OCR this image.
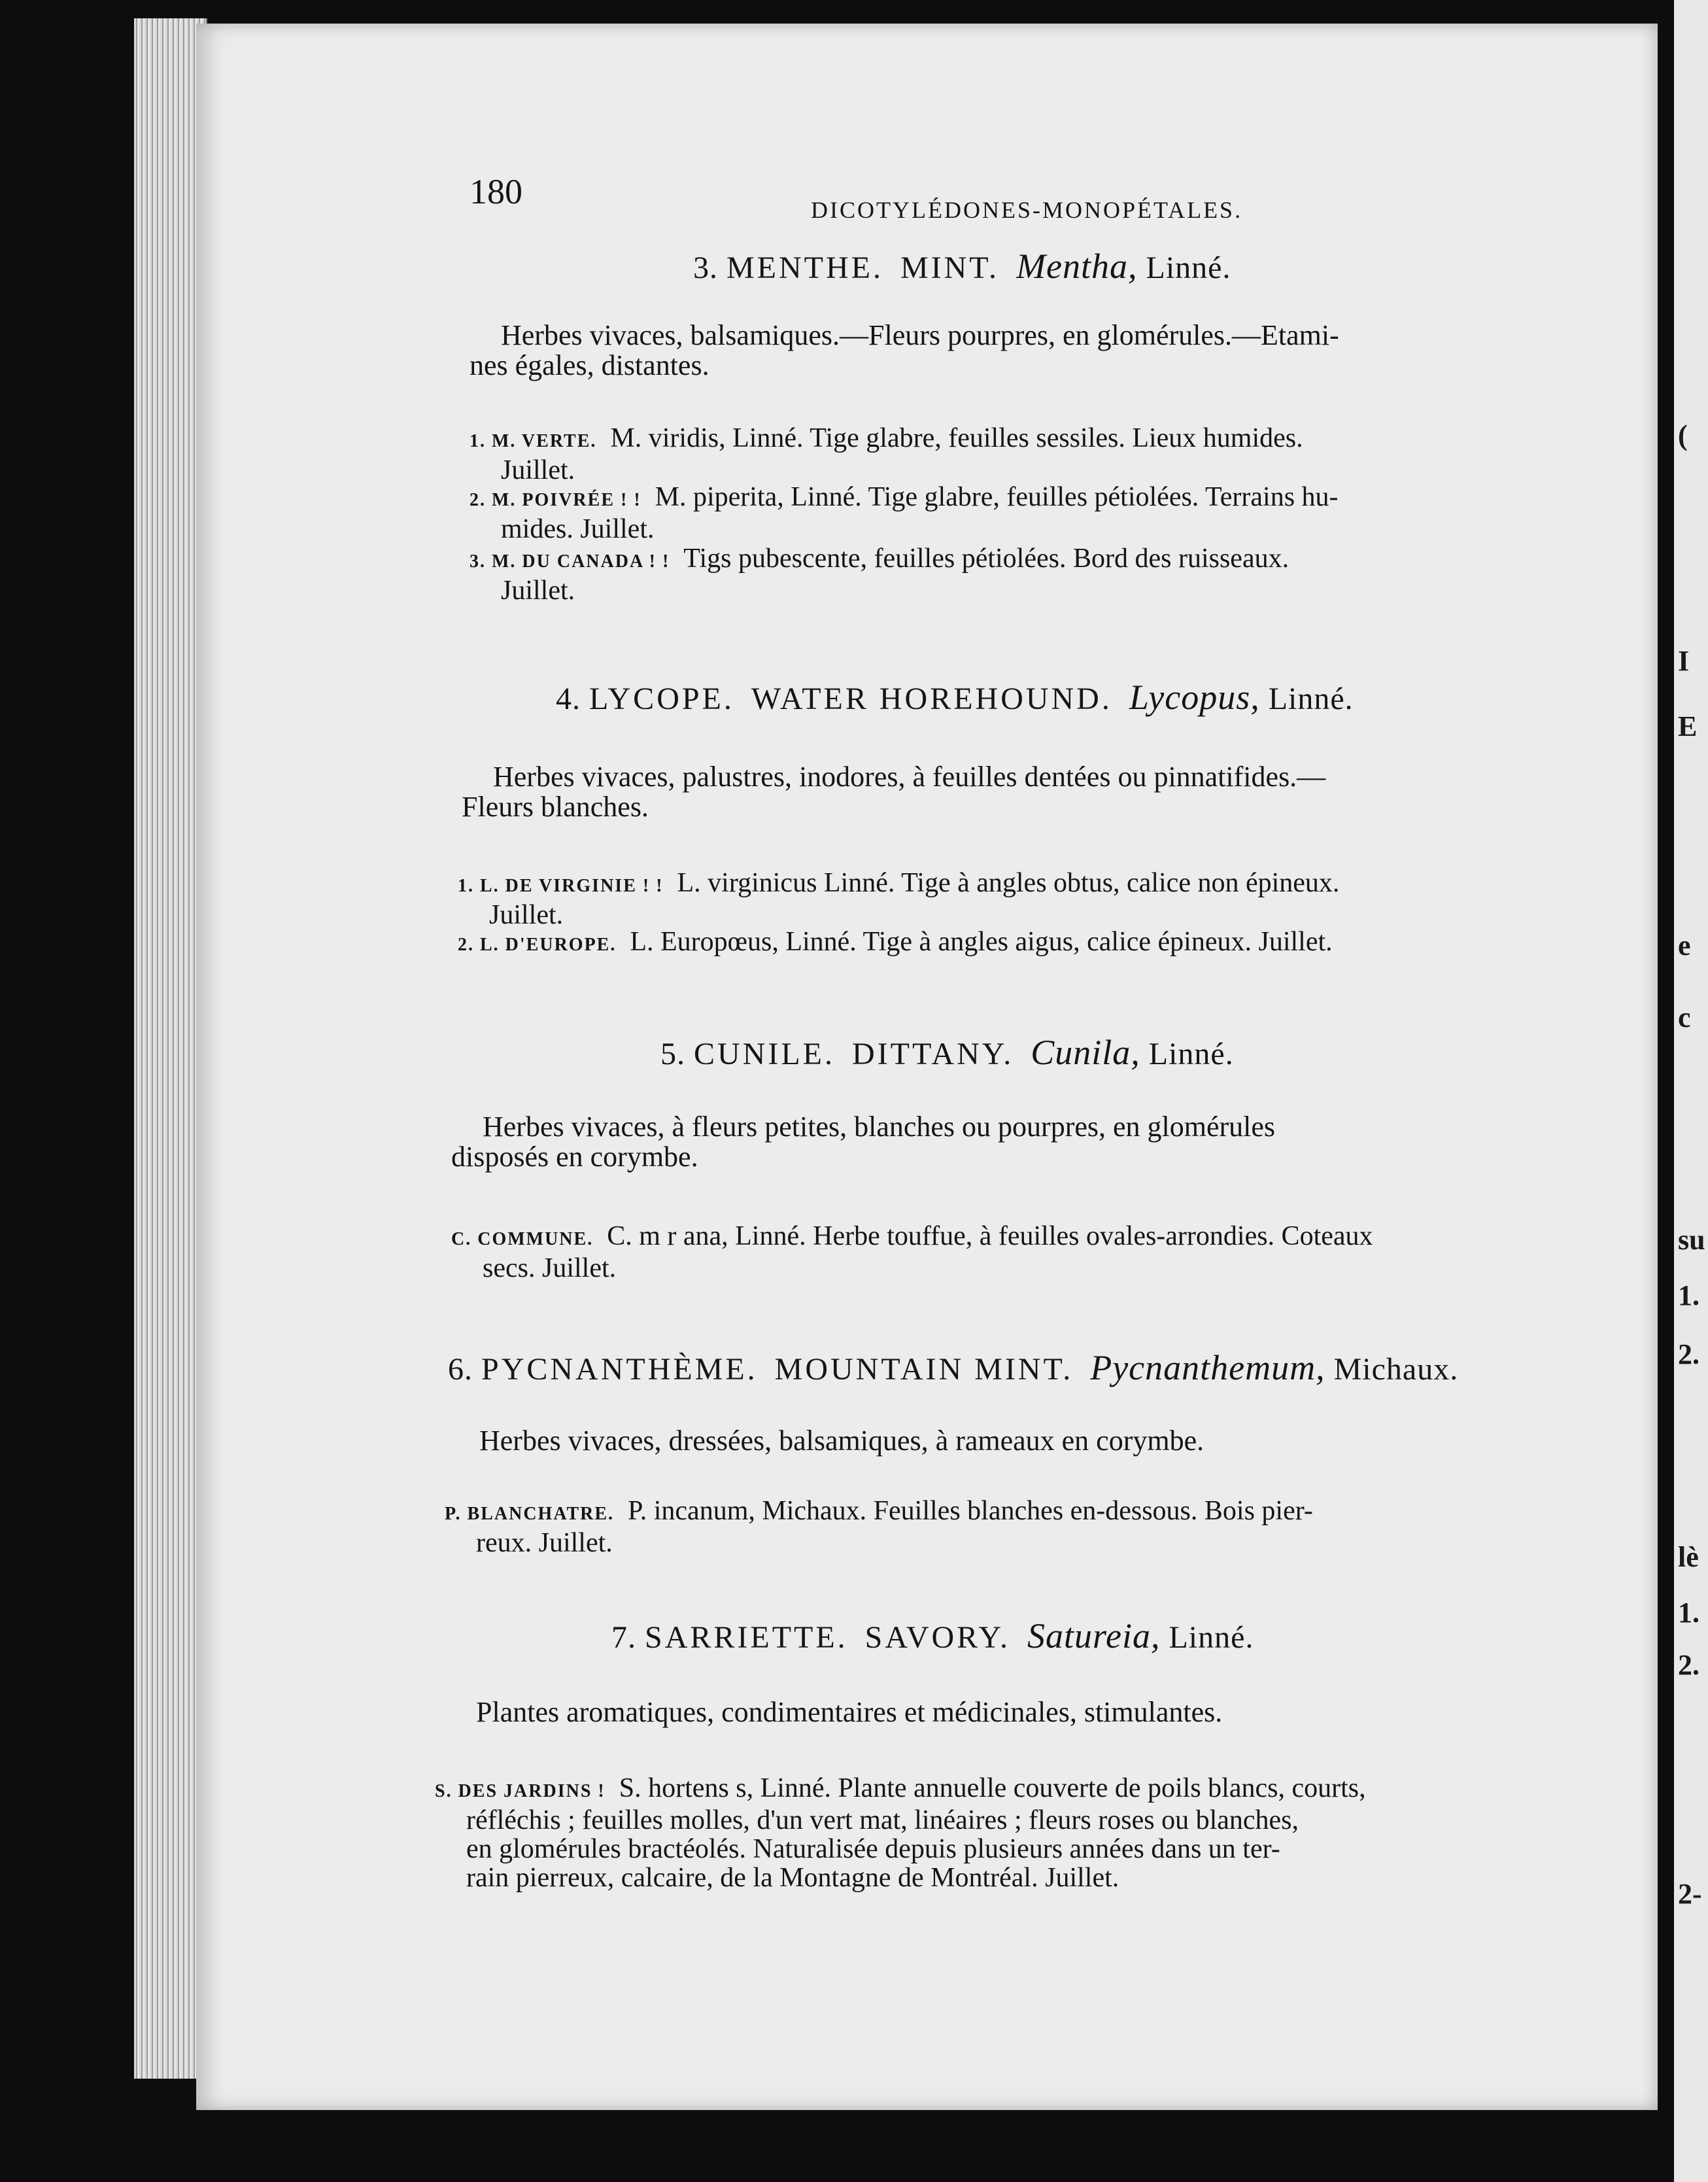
(
I
E
e
c
su
1.
2.
lè
1.
2.
2-
180	DICOTYLÉDONES-MONOPÉTALES.
3. MENTHE. MINT. Mentha, Linné.
Herbes vivaces, balsamiques.—Fleurs pourpres, en glomérules.—Etami-
nes égales, distantes.
1. M. VERTE. M. viridis, Linné. Tige glabre, feuilles sessiles. Lieux humides.
Juillet.
2. M. POIVRÉE ! ! M. piperita, Linné. Tige glabre, feuilles pétiolées. Terrains hu-
mides. Juillet.
3. M. DU CANADA ! ! Tigs pubescente, feuilles pétiolées. Bord des ruisseaux.
Juillet.
4. LYCOPE. WATER HOREHOUND. Lycopus, Linné.
Herbes vivaces, palustres, inodores, à feuilles dentées ou pinnatifides.—
Fleurs blanches.
1. L. DE VIRGINIE ! ! L. virginicus Linné. Tige à angles obtus, calice non épineux.
Juillet.
2. L. D'EUROPE. L. Europœus, Linné. Tige à angles aigus, calice épineux. Juillet.
5. CUNILE. DITTANY. Cunila, Linné.
Herbes vivaces, à fleurs petites, blanches ou pourpres, en glomérules
disposés en corymbe.
C. COMMUNE. C. m r ana, Linné. Herbe touffue, à feuilles ovales-arrondies. Coteaux
secs. Juillet.
6. PYCNANTHÈME. MOUNTAIN MINT. Pycnanthemum, Michaux.
Herbes vivaces, dressées, balsamiques, à rameaux en corymbe.
P. BLANCHATRE. P. incanum, Michaux. Feuilles blanches en-dessous. Bois pier-
reux. Juillet.
7. SARRIETTE. SAVORY. Satureia, Linné.
Plantes aromatiques, condimentaires et médicinales, stimulantes.
S. DES JARDINS ! S. hortens s, Linné. Plante annuelle couverte de poils blancs, courts,
réfléchis ; feuilles molles, d'un vert mat, linéaires ; fleurs roses ou blanches,
en glomérules bractéolés. Naturalisée depuis plusieurs années dans un ter-
rain pierreux, calcaire, de la Montagne de Montréal. Juillet.
